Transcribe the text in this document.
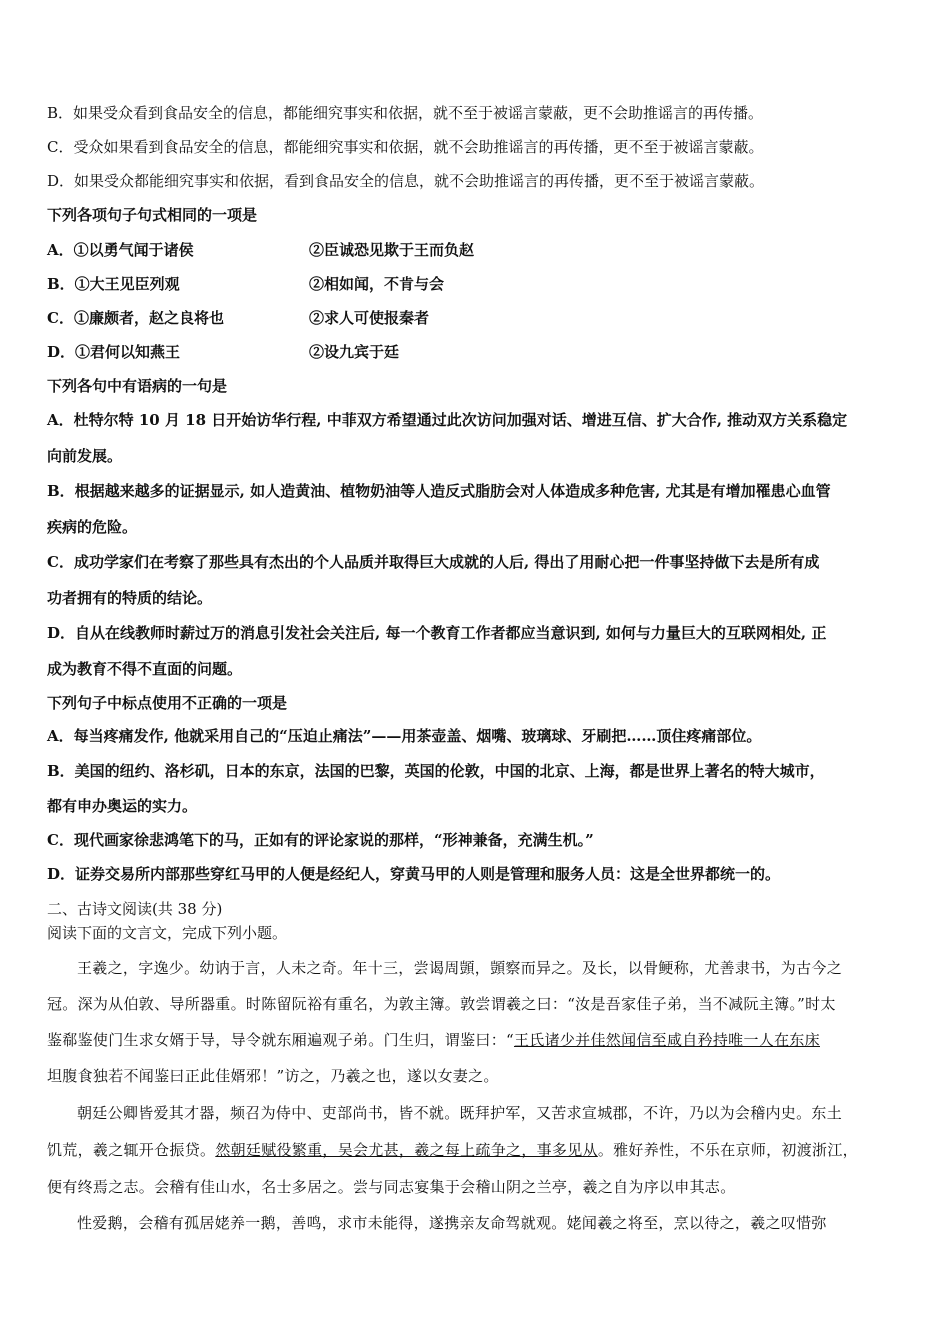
B．如果受众看到食品安全的信息，都能细究事实和依据，就不至于被谣言蒙蔽，更不会助推谣言的再传播。
C．受众如果看到食品安全的信息，都能细究事实和依据，就不会助推谣言的再传播，更不至于被谣言蒙蔽。
D．如果受众都能细究事实和依据，看到食品安全的信息，就不会助推谣言的再传播，更不至于被谣言蒙蔽。
下列各项句子句式相同的一项是
A．①以勇气闻于诸侯	②臣诚恐见欺于王而负赵
B．①大王见臣列观	②相如闻，不肯与会
C．①廉颇者，赵之良将也	②求人可使报秦者
D．①君何以知燕王	②设九宾于廷
下列各句中有语病的一句是
A．杜特尔特 10 月 18 日开始访华行程, 中菲双方希望通过此次访问加强对话、增进互信、扩大合作, 推动双方关系稳定
向前发展。
B．根据越来越多的证据显示, 如人造黄油、植物奶油等人造反式脂肪会对人体造成多种危害, 尤其是有增加罹患心血管
疾病的危险。
C．成功学家们在考察了那些具有杰出的个人品质并取得巨大成就的人后, 得出了用耐心把一件事坚持做下去是所有成
功者拥有的特质的结论。
D．自从在线教师时薪过万的消息引发社会关注后, 每一个教育工作者都应当意识到, 如何与力量巨大的互联网相处, 正
成为教育不得不直面的问题。
下列句子中标点使用不正确的一项是
A．每当疼痛发作, 他就采用自己的“压迫止痛法”——用茶壶盖、烟嘴、玻璃球、牙刷把……顶住疼痛部位。
B．美国的纽约、洛杉矶，日本的东京，法国的巴黎，英国的伦敦，中国的北京、上海，都是世界上著名的特大城市，
都有申办奥运的实力。
C．现代画家徐悲鸿笔下的马，正如有的评论家说的那样，“形神兼备，充满生机。”
D．证券交易所内部那些穿红马甲的人便是经纪人，穿黄马甲的人则是管理和服务人员：这是全世界都统一的。
二、古诗文阅读(共 38 分)
阅读下面的文言文，完成下列小题。
王羲之，字逸少。幼讷于言，人未之奇。年十三，尝谒周顗，顗察而异之。及长，以骨鲠称，尤善隶书，为古今之
冠。深为从伯敦、导所器重。时陈留阮裕有重名，为敦主簿。敦尝谓羲之曰：“汝是吾家佳子弟，当不减阮主簿。”时太
鉴郗鉴使门生求女婿于导，导令就东厢遍观子弟。门生归，谓鉴曰：“王氏诸少并佳然闻信至咸自矜持唯一人在东床
坦腹食独若不闻鉴曰正此佳婿邪！”访之，乃羲之也，遂以女妻之。
朝廷公卿皆爱其才器，频召为侍中、吏部尚书，皆不就。既拜护军，又苦求宣城郡，不许，乃以为会稽内史。东土
饥荒，羲之辄开仓振贷。然朝廷赋役繁重，吴会尤甚，羲之每上疏争之，事多见从。雅好养性，不乐在京师，初渡浙江，
便有终焉之志。会稽有佳山水，名士多居之。尝与同志宴集于会稽山阴之兰亭，羲之自为序以申其志。
性爱鹅，会稽有孤居姥养一鹅，善鸣，求市未能得，遂携亲友命驾就观。姥闻羲之将至，烹以待之，羲之叹惜弥
